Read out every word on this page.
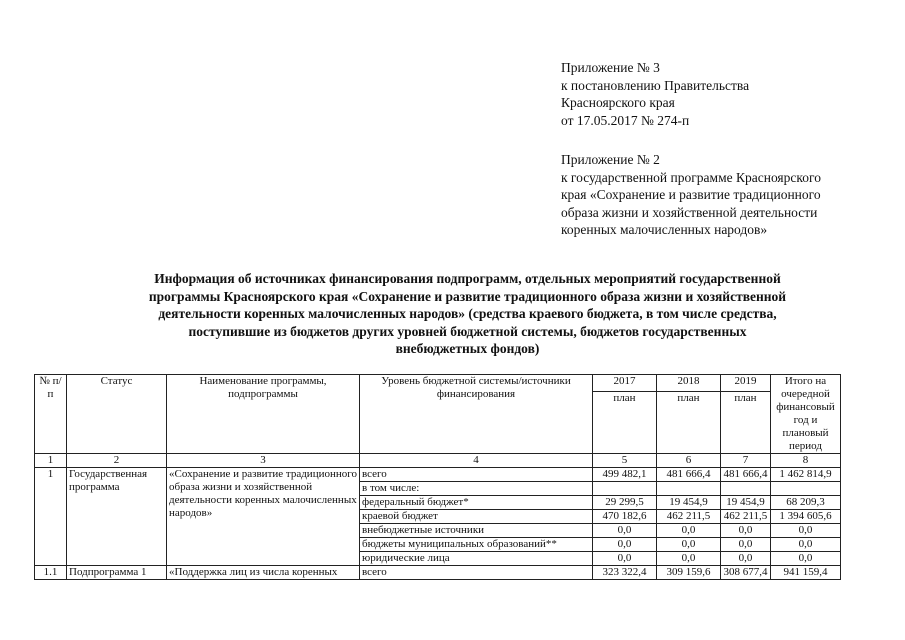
Приложение № 3
к постановлению Правительства
Красноярского края
от 17.05.2017 № 274-п
Приложение № 2
к государственной программе Красноярского
края «Сохранение и развитие традиционного
образа жизни и хозяйственной деятельности
коренных малочисленных народов»
Информация об источниках финансирования подпрограмм, отдельных мероприятий государственной
программы Красноярского края «Сохранение и развитие традиционного образа жизни и хозяйственной
деятельности коренных малочисленных народов» (средства краевого бюджета, в том числе средства,
поступившие из бюджетов других уровней бюджетной системы, бюджетов государственных
внебюджетных фондов)
№ п/п	Статус	Наименование программы, подпрограммы	Уровень бюджетной системы/источники финансирования	2017	2018	2019	Итого на очередной финансовый год и плановый период
				план	план	план	
1	2	3	4	5	6	7	8
1	Государственная программа	«Сохранение и развитие традиционного образа жизни и хозяйственной деятельности коренных малочисленных народов»	всего	499 482,1	481 666,4	481 666,4	1 462 814,9
			в том числе:				
			федеральный бюджет*	29 299,5	19 454,9	19 454,9	68 209,3
			краевой бюджет	470 182,6	462 211,5	462 211,5	1 394 605,6
			внебюджетные источники	0,0	0,0	0,0	0,0
			бюджеты муниципальных образований**	0,0	0,0	0,0	0,0
			юридические лица	0,0	0,0	0,0	0,0
1.1	Подпрограмма 1	«Поддержка лиц из числа коренных	всего	323 322,4	309 159,6	308 677,4	941 159,4
